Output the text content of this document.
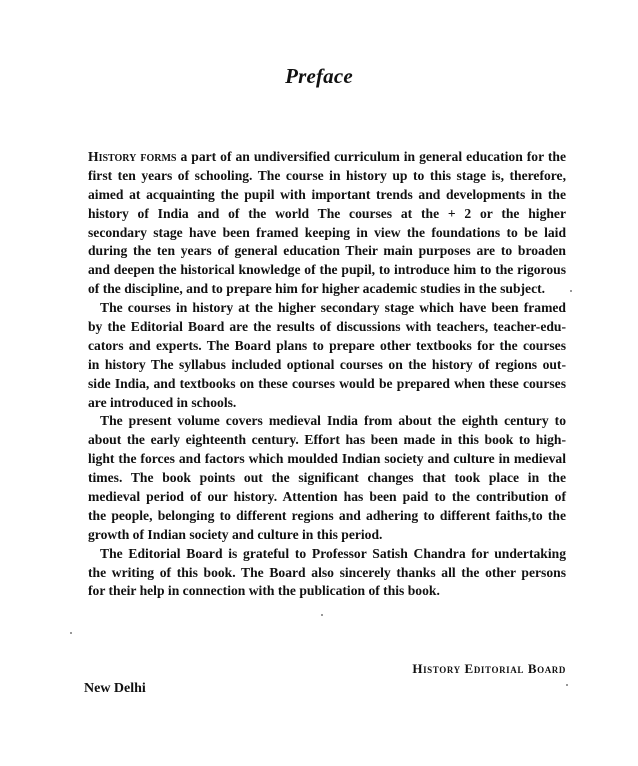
Preface
History forms a part of an undiversified curriculum in general education for the
first ten years of schooling. The course in history up to this stage is, therefore,
aimed at acquainting the pupil with important trends and developments in the
history of India and of the world The courses at the + 2 or the higher
secondary stage have been framed keeping in view the foundations to be laid
during the ten years of general education Their main purposes are to broaden
and deepen the historical knowledge of the pupil, to introduce him to the rigorous
of the discipline, and to prepare him for higher academic studies in the subject.
The courses in history at the higher secondary stage which have been framed
by the Editorial Board are the results of discussions with teachers, teacher-edu-
cators and experts. The Board plans to prepare other textbooks for the courses
in history The syllabus included optional courses on the history of regions out-
side India, and textbooks on these courses would be prepared when these courses
are introduced in schools.
The present volume covers medieval India from about the eighth century to
about the early eighteenth century. Effort has been made in this book to high-
light the forces and factors which moulded Indian society and culture in medieval
times. The book points out the significant changes that took place in the
medieval period of our history. Attention has been paid to the contribution of
the people, belonging to different regions and adhering to different faiths,to the
growth of Indian society and culture in this period.
The Editorial Board is grateful to Professor Satish Chandra for undertaking
the writing of this book. The Board also sincerely thanks all the other persons
for their help in connection with the publication of this book.
History Editorial Board
New Delhi
